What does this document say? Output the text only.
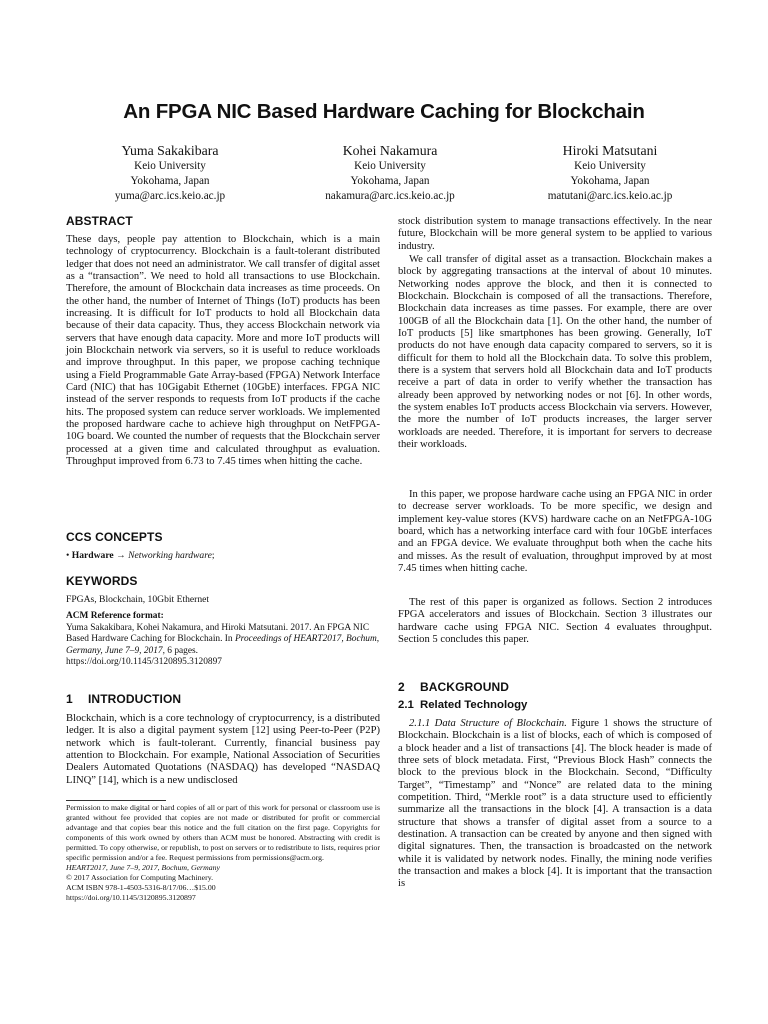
An FPGA NIC Based Hardware Caching for Blockchain
Yuma Sakakibara
Keio University
Yokohama, Japan
yuma@arc.ics.keio.ac.jp
Kohei Nakamura
Keio University
Yokohama, Japan
nakamura@arc.ics.keio.ac.jp
Hiroki Matsutani
Keio University
Yokohama, Japan
matutani@arc.ics.keio.ac.jp
ABSTRACT

These days, people pay attention to Blockchain, which is a main technology of cryptocurrency. Blockchain is a fault-tolerant distributed ledger that does not need an administrator. We call transfer of digital asset as a “transaction”. We need to hold all transactions to use Blockchain. Therefore, the amount of Blockchain data increases as time proceeds. On the other hand, the number of Internet of Things (IoT) products has been increasing. It is difficult for IoT products to hold all Blockchain data because of their data capacity. Thus, they access Blockchain network via servers that have enough data capacity. More and more IoT products will join Blockchain network via servers, so it is useful to reduce workloads and improve throughput. In this paper, we propose caching technique using a Field Programmable Gate Array-based (FPGA) Network Interface Card (NIC) that has 10Gigabit Ethernet (10GbE) interfaces. FPGA NIC instead of the server responds to requests from IoT products if the cache hits. The proposed system can reduce server workloads. We implemented the proposed hardware cache to achieve high throughput on NetFPGA-10G board. We counted the number of requests that the Blockchain server processed at a given time and calculated throughput as evaluation. Throughput improved from 6.73 to 7.45 times when hitting the cache.

CCS CONCEPTS

• Hardware → Networking hardware;

KEYWORDS

FPGAs, Blockchain, 10Gbit Ethernet

ACM Reference format:

Yuma Sakakibara, Kohei Nakamura, and Hiroki Matsutani. 2017. An FPGA NIC Based Hardware Caching for Blockchain. In Proceedings of HEART2017, Bochum, Germany, June 7–9, 2017, 6 pages.
https://doi.org/10.1145/3120895.3120897

1 INTRODUCTION

Blockchain, which is a core technology of cryptocurrency, is a distributed ledger. It is also a digital payment system [12] using Peer-to-Peer (P2P) network which is fault-tolerant. Currently, financial business pay attention to Blockchain. For example, National Association of Securities Dealers Automated Quotations (NASDAQ) has developed “NASDAQ LINQ” [14], which is a new undisclosed

Permission to make digital or hard copies of all or part of this work for personal or classroom use is granted without fee provided that copies are not made or distributed for profit or commercial advantage and that copies bear this notice and the full citation on the first page. Copyrights for components of this work owned by others than ACM must be honored. Abstracting with credit is permitted. To copy otherwise, or republish, to post on servers or to redistribute to lists, requires prior specific permission and/or a fee. Request permissions from permissions@acm.org.

HEART2017, June 7–9, 2017, Bochum, Germany

© 2017 Association for Computing Machinery.

ACM ISBN 978-1-4503-5316-8/17/06…$15.00

https://doi.org/10.1145/3120895.3120897

stock distribution system to manage transactions effectively. In the near future, Blockchain will be more general system to be applied to various industry.

We call transfer of digital asset as a transaction. Blockchain makes a block by aggregating transactions at the interval of about 10 minutes. Networking nodes approve the block, and then it is connected to Blockchain. Blockchain is composed of all the transactions. Therefore, Blockchain data increases as time passes. For example, there are over 100GB of all the Blockchain data [1]. On the other hand, the number of IoT products [5] like smartphones has been growing. Generally, IoT products do not have enough data capacity compared to servers, so it is difficult for them to hold all the Blockchain data. To solve this problem, there is a system that servers hold all Blockchain data and IoT products receive a part of data in order to verify whether the transaction has already been approved by networking nodes or not [6]. In other words, the system enables IoT products access Blockchain via servers. However, the more the number of IoT products increases, the larger server workloads are needed. Therefore, it is important for servers to decrease their workloads.

In this paper, we propose hardware cache using an FPGA NIC in order to decrease server workloads. To be more specific, we design and implement key-value stores (KVS) hardware cache on an NetFPGA-10G board, which has a networking interface card with four 10GbE interfaces and an FPGA device. We evaluate throughput both when the cache hits and misses. As the result of evaluation, throughput improved by at most 7.45 times when hitting cache.

The rest of this paper is organized as follows. Section 2 introduces FPGA accelerators and issues of Blockchain. Section 3 illustrates our hardware cache using FPGA NIC. Section 4 evaluates throughput. Section 5 concludes this paper.

2 BACKGROUND
2.1 Related Technology

2.1.1 Data Structure of Blockchain. Figure 1 shows the structure of Blockchain. Blockchain is a list of blocks, each of which is composed of a block header and a list of transactions [4]. The block header is made of three sets of block metadata. First, “Previous Block Hash” connects the block to the previous block in the Blockchain. Second, “Difficulty Target”, “Timestamp” and “Nonce” are related data to the mining competition. Third, “Merkle root” is a data structure used to efficiently summarize all the transactions in the block [4]. A transaction is a data structure that shows a transfer of digital asset from a source to a destination. A transaction can be created by anyone and then signed with digital signatures. Then, the transaction is broadcasted on the network while it is validated by network nodes. Finally, the mining node verifies the transaction and makes a block [4]. It is important that the transaction is
